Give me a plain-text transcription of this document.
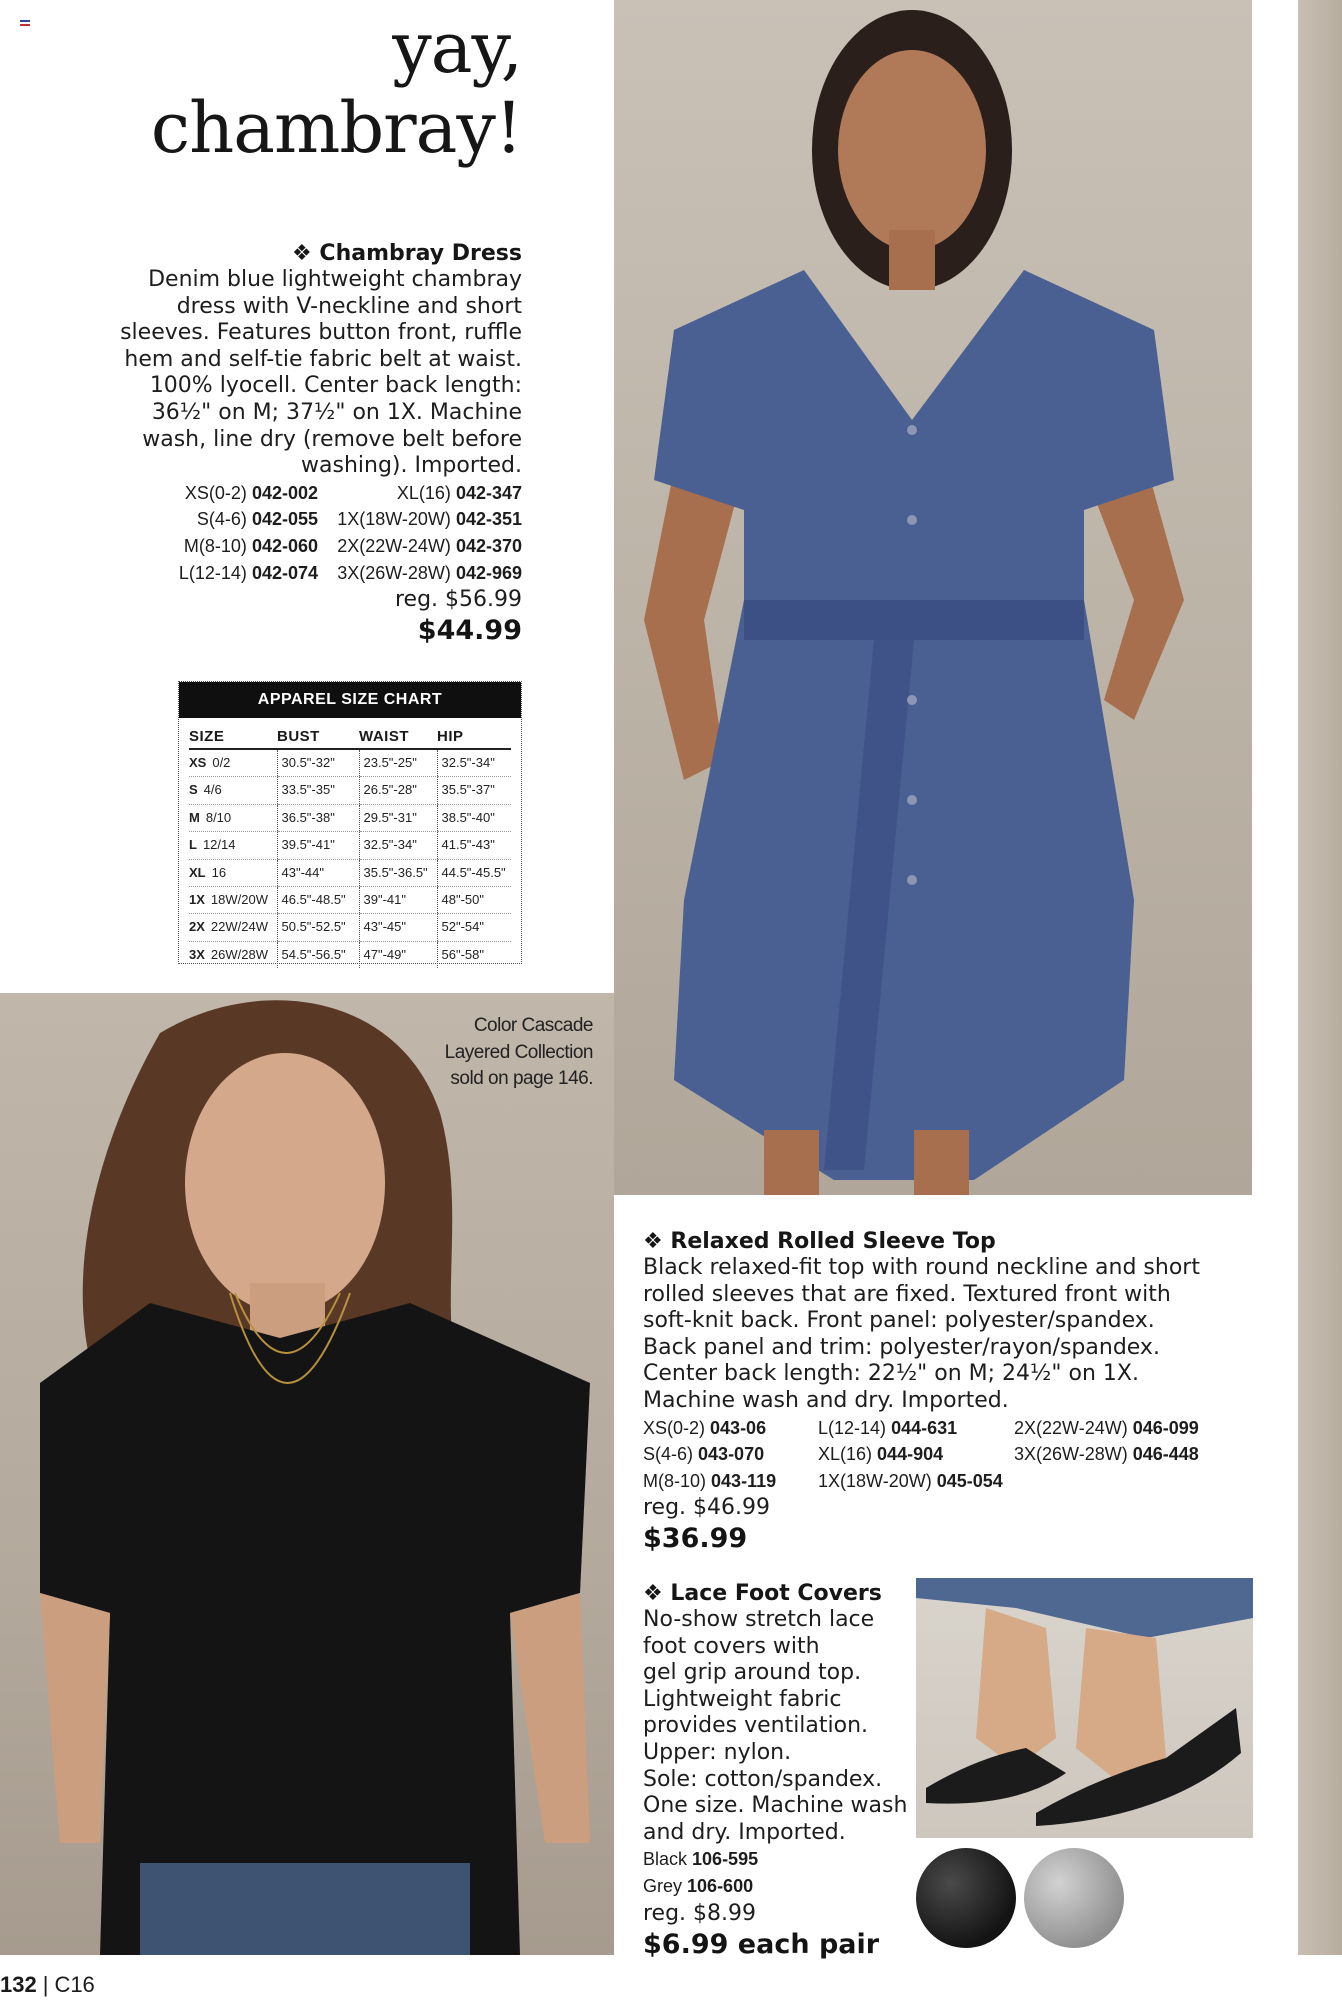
yay,
chambray!
❖ Chambray Dress
Denim blue lightweight chambray
dress with V-neckline and short
sleeves. Features button front, ruffle
hem and self-tie fabric belt at waist.
100% lyocell. Center back length:
36½" on M; 37½" on 1X. Machine
wash, line dry (remove belt before
washing). Imported.
XS(0-2) 042-002	XL(16) 042-347
S(4-6) 042-055	1X(18W-20W) 042-351
M(8-10) 042-060	2X(22W-24W) 042-370
L(12-14) 042-074	3X(26W-28W) 042-969
reg. $56.99
$44.99
APPAREL SIZE CHART
SIZE	BUST	WAIST	HIP
XS 0/2	30.5"-32"	23.5"-25"	32.5"-34"
S 4/6	33.5"-35"	26.5"-28"	35.5"-37"
M 8/10	36.5"-38"	29.5"-31"	38.5"-40"
L 12/14	39.5"-41"	32.5"-34"	41.5"-43"
XL 16	43"-44"	35.5"-36.5"	44.5"-45.5"
1X 18W/20W	46.5"-48.5"	39"-41"	48"-50"
2X 22W/24W	50.5"-52.5"	43"-45"	52"-54"
3X 26W/28W	54.5"-56.5"	47"-49"	56"-58"
Color Cascade
Layered Collection
sold on page 146.
❖ Relaxed Rolled Sleeve Top
Black relaxed-fit top with round neckline and short
rolled sleeves that are fixed. Textured front with
soft-knit back. Front panel: polyester/spandex.
Back panel and trim: polyester/rayon/spandex.
Center back length: 22½" on M; 24½" on 1X.
Machine wash and dry. Imported.
XS(0-2) 043-06	L(12-14) 044-631	2X(22W-24W) 046-099
S(4-6) 043-070	XL(16) 044-904	3X(26W-28W) 046-448
M(8-10) 043-119	1X(18W-20W) 045-054
reg. $46.99
$36.99
❖ Lace Foot Covers
No-show stretch lace
foot covers with
gel grip around top.
Lightweight fabric
provides ventilation.
Upper: nylon.
Sole: cotton/spandex.
One size. Machine wash
and dry. Imported.
Black 106-595
Grey 106-600
reg. $8.99
$6.99 each pair
132 | C16
